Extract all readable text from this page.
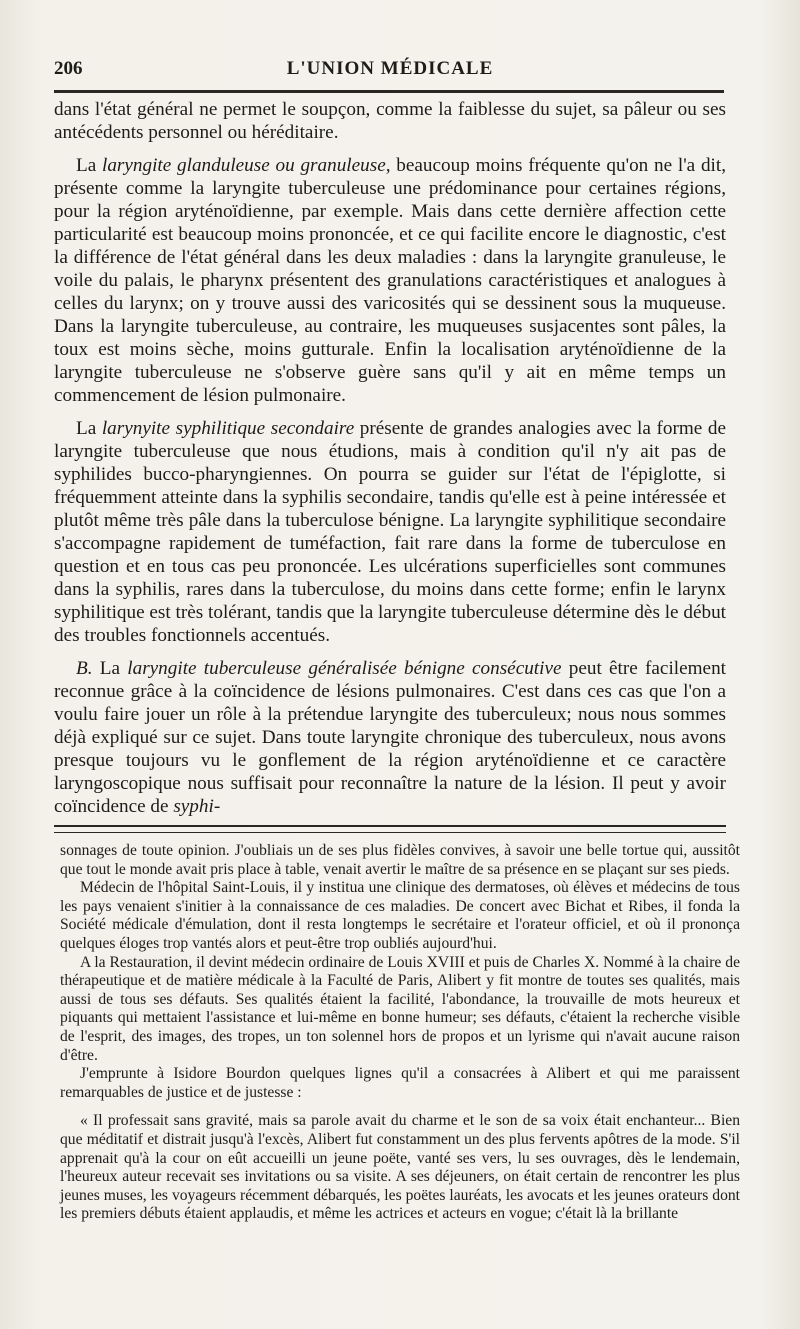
206	L'UNION MÉDICALE

dans l'état général ne permet le soupçon, comme la faiblesse du sujet, sa pâleur ou ses antécédents personnel ou héréditaire.

La laryngite glanduleuse ou granuleuse, beaucoup moins fréquente qu'on ne l'a dit, présente comme la laryngite tuberculeuse une prédominance pour certaines régions, pour la région aryténoïdienne, par exemple. Mais dans cette dernière affection cette particularité est beaucoup moins prononcée, et ce qui facilite encore le diagnostic, c'est la différence de l'état général dans les deux maladies : dans la laryngite granuleuse, le voile du palais, le pharynx présentent des granulations caractéristiques et analogues à celles du larynx; on y trouve aussi des varicosités qui se dessinent sous la muqueuse. Dans la laryngite tuberculeuse, au contraire, les muqueuses susjacentes sont pâles, la toux est moins sèche, moins gutturale. Enfin la localisation aryténoïdienne de la laryngite tuberculeuse ne s'observe guère sans qu'il y ait en même temps un commencement de lésion pulmonaire.

La larynyite syphilitique secondaire présente de grandes analogies avec la forme de laryngite tuberculeuse que nous étudions, mais à condition qu'il n'y ait pas de syphilides bucco-pharyngiennes. On pourra se guider sur l'état de l'épiglotte, si fréquemment atteinte dans la syphilis secondaire, tandis qu'elle est à peine intéressée et plutôt même très pâle dans la tuberculose bénigne. La laryngite syphilitique secondaire s'accompagne rapidement de tuméfaction, fait rare dans la forme de tuberculose en question et en tous cas peu prononcée. Les ulcérations superficielles sont communes dans la syphilis, rares dans la tuberculose, du moins dans cette forme; enfin le larynx syphilitique est très tolérant, tandis que la laryngite tuberculeuse détermine dès le début des troubles fonctionnels accentués.

B. La laryngite tuberculeuse généralisée bénigne consécutive peut être facilement reconnue grâce à la coïncidence de lésions pulmonaires. C'est dans ces cas que l'on a voulu faire jouer un rôle à la prétendue laryngite des tuberculeux; nous nous sommes déjà expliqué sur ce sujet. Dans toute laryngite chronique des tuberculeux, nous avons presque toujours vu le gonflement de la région aryténoïdienne et ce caractère laryngoscopique nous suffisait pour reconnaître la nature de la lésion. Il peut y avoir coïncidence de syphi-

sonnages de toute opinion. J'oubliais un de ses plus fidèles convives, à savoir une belle tortue qui, aussitôt que tout le monde avait pris place à table, venait avertir le maître de sa présence en se plaçant sur ses pieds.

Médecin de l'hôpital Saint-Louis, il y institua une clinique des dermatoses, où élèves et médecins de tous les pays venaient s'initier à la connaissance de ces maladies. De concert avec Bichat et Ribes, il fonda la Société médicale d'émulation, dont il resta longtemps le secrétaire et l'orateur officiel, et où il prononça quelques éloges trop vantés alors et peut-être trop oubliés aujourd'hui.

A la Restauration, il devint médecin ordinaire de Louis XVIII et puis de Charles X. Nommé à la chaire de thérapeutique et de matière médicale à la Faculté de Paris, Alibert y fit montre de toutes ses qualités, mais aussi de tous ses défauts. Ses qualités étaient la facilité, l'abondance, la trouvaille de mots heureux et piquants qui mettaient l'assistance et lui-même en bonne humeur; ses défauts, c'étaient la recherche visible de l'esprit, des images, des tropes, un ton solennel hors de propos et un lyrisme qui n'avait aucune raison d'être.

J'emprunte à Isidore Bourdon quelques lignes qu'il a consacrées à Alibert et qui me paraissent remarquables de justice et de justesse :

« Il professait sans gravité, mais sa parole avait du charme et le son de sa voix était enchanteur... Bien que méditatif et distrait jusqu'à l'excès, Alibert fut constamment un des plus fervents apôtres de la mode. S'il apprenait qu'à la cour on eût accueilli un jeune poëte, vanté ses vers, lu ses ouvrages, dès le lendemain, l'heureux auteur recevait ses invitations ou sa visite. A ses déjeuners, on était certain de rencontrer les plus jeunes muses, les voyageurs récemment débarqués, les poëtes lauréats, les avocats et les jeunes orateurs dont les premiers débuts étaient applaudis, et même les actrices et acteurs en vogue; c'était là la brillante
